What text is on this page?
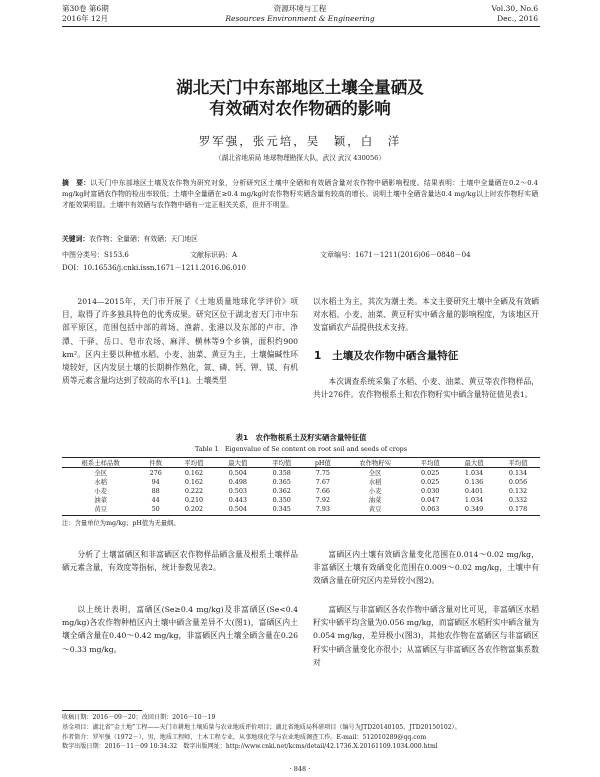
第30卷 第6期
2016年 12月
资源环境与工程
Resources Environment & Engineering
Vol.30, No.6
Dec., 2016
湖北天门中东部地区土壤全量硒及
有效硒对农作物硒的影响
罗军强，张元培，吴　颖，白　洋
（湖北省地质局 地球物理勘探大队，武汉 武汉 430056）
摘　要：以天门中东部地区土壤及农作物为研究对象，分析研究区土壤中全硒和有效硒含量对农作物中硒影响程度。结果表明：土壤中全量硒在0.2～0.4 mg/kg时富硒农作物的检出率较低；土壤中全量硒在≥0.4 mg/kg时农作物籽实硒含量有较高的增长。说明土壤中全硒含量达0.4 mg/kg以上时农作物籽实硒才能效果明显。土壤中有效硒与农作物中硒有一定正相关关系，但并不明显。
关键词：农作物；全量硒；有效硒；天门地区
中图分类号：S153.6	文献标识码：A	文章编号：1671－1211(2016)06－0848－04
DOI：10.16536/j.cnki.issn.1671－1211.2016.06.010
2014—2015年，天门市开展了《土地质量地球化学评价》项目，取得了许多独具特色的优秀成果。研究区位于湖北省天门市中东部平原区，范围包括中部的蒋场、渔薪、张港以及东部的卢市、净潭、干驿、岳口、皂市农场、麻洋、横林等9个乡镇，面积约900 km²。区内主要以种植水稻、小麦、油菜、黄豆为主，土壤偏碱性环境较好，区内发层土壤的长期耕作熟化，氮、磷、钙、钾、镁、有机质等元素含量均达到了较高的水平[1]。土壤类型
以水稻土为主，其次为潮土类。本文主要研究土壤中全硒及有效硒对水稻、小麦、油菜、黄豆籽实中硒含量的影响程度，为该地区开发富硒农产品提供技术支持。
1 土壤及农作物中硒含量特征
本次调查系统采集了水稻、小麦、油菜、黄豆等农作物样品，共计276件。农作物根系土和农作物籽实中硒含量特征值见表1。
表1　农作物根系土及籽实硒含量特征值
Table 1　Eigenvalue of Se content on root soil and seeds of crops
根系土样品数	件数	平均值	最大值	平均值	pH值	农作物籽实	平均值	最大值	平均值
全区	276	0.162	0.504	0.358	7.75	全区	0.025	1.034	0.134
水稻	94	0.162	0.498	0.365	7.67	水稻	0.025	0.136	0.056
小麦	88	0.222	0.503	0.362	7.66	小麦	0.030	0.401	0.132
油菜	44	0.210	0.443	0.350	7.92	油菜	0.047	1.034	0.332
黄豆	50	0.202	0.504	0.345	7.93	黄豆	0.063	0.349	0.178
注：含量单位为mg/kg；pH值为无量纲。
分析了土壤富硒区和非富硒区农作物样品硒含量及根系土壤样品硒元素含量，有效度等指标，统计参数见表2。
以上统计表明，富硒区(Se≥0.4 mg/kg)及非富硒区(Se<0.4 mg/kg)各农作物种植区内土壤中硒含量差异不大(图1)，富硒区内土壤全硒含量在0.40～0.42 mg/kg，非富硒区内土壤全硒含量在0.26～0.33 mg/kg。
富硒区内土壤有效硒含量变化范围在0.014～0.02 mg/kg，非富硒区土壤有效硒变化范围在0.009～0.02 mg/kg，土壤中有效硒含量在研究区内差异较小(图2)。
富硒区与非富硒区各农作物中硒含量对比可见，非富硒区水稻籽实中硒平均含量为0.056 mg/kg，而富硒区水稻籽实中硒含量为0.054 mg/kg，差异极小(图3)，其他农作物在富硒区与非富硒区籽实中硒含量变化亦很小；从富硒区与非富硒区各农作物富集系数对
收稿日期：2016－09－20；改回日期：2016－10－19
基金项目：湖北省“金土地”工程——天门市耕地土壤质量与农业地质评价项目；湖北省地质局科研项目（编号为JTD20140105、JTD20150102）。
作者简介：罗军强（1972－），男，地质工程师，土木工程专业，从事地球化学与农业地质调查工作。E-mail：512010289@qq.com
数字出版日期：2016－11－09 10:34:32　数字出版网址：http://www.cnki.net/kcms/detail/42.1736.X.20161109.1034.000.html
· 848 ·
